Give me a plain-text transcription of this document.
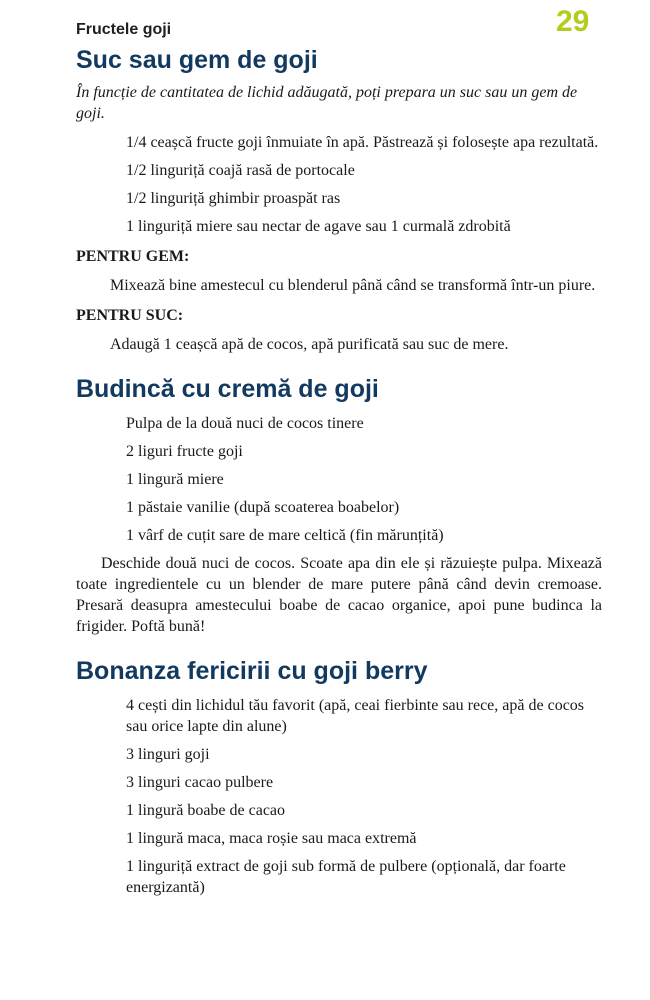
Fructele goji	29
Suc sau gem de goji

În funcție de cantitatea de lichid adăugată, poți prepara un suc sau un gem de goji.

1/4 ceașcă fructe goji înmuiate în apă. Păstrează și folosește apa rezultată.

1/2 linguriță coajă rasă de portocale

1/2 linguriță ghimbir proaspăt ras

1 linguriță miere sau nectar de agave sau 1 curmală zdrobită

PENTRU GEM:

Mixează bine amestecul cu blenderul până când se transformă într-un piure.

PENTRU SUC:

Adaugă 1 ceașcă apă de cocos, apă purificată sau suc de mere.

Budincă cu cremă de goji

Pulpa de la două nuci de cocos tinere

2 liguri fructe goji

1 lingură miere

1 păstaie vanilie (după scoaterea boabelor)

1 vârf de cuțit sare de mare celtică (fin mărunțită)

Deschide două nuci de cocos. Scoate apa din ele și răzuiește pulpa. Mixează toate ingredientele cu un blender de mare putere până când devin cremoase. Presară deasupra amestecului boabe de cacao organice, apoi pune budinca la frigider. Poftă bună!

Bonanza fericirii cu goji berry

4 cești din lichidul tău favorit (apă, ceai fierbinte sau rece, apă de cocos sau orice lapte din alune)

3 linguri goji

3 linguri cacao pulbere

1 lingură boabe de cacao

1 lingură maca, maca roșie sau maca extremă

1 linguriță extract de goji sub formă de pulbere (opțională, dar foarte energizantă)
